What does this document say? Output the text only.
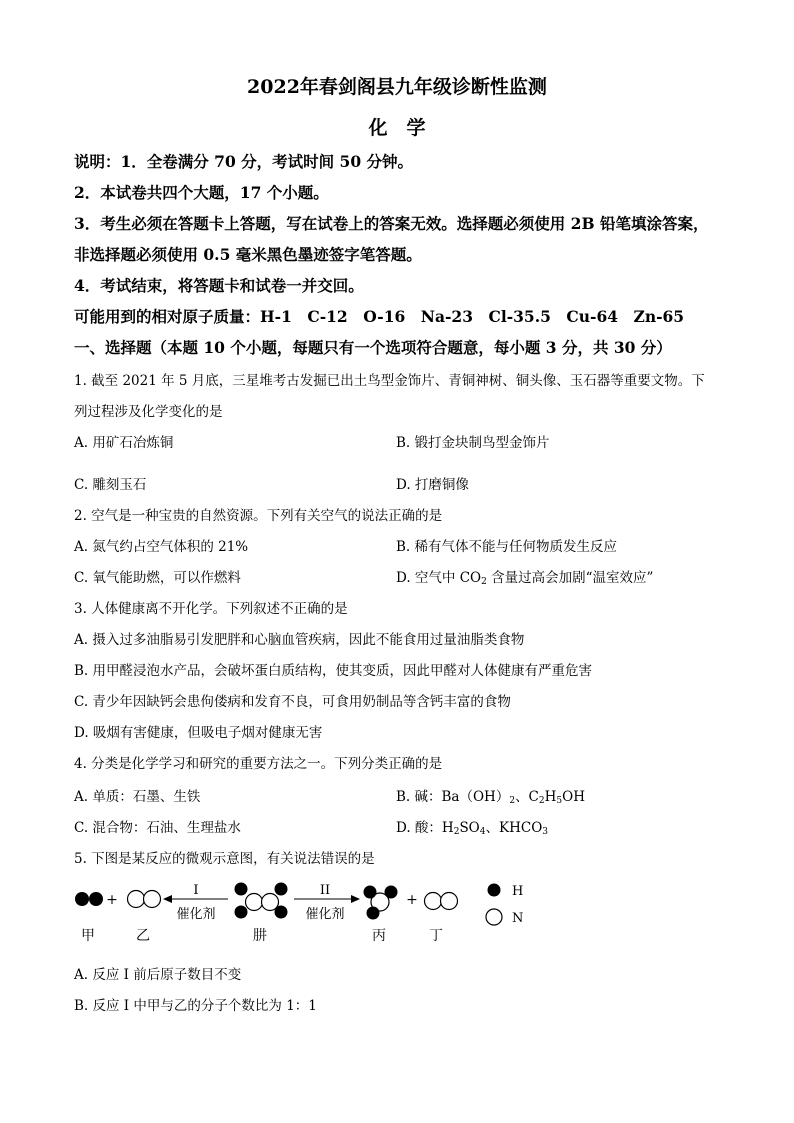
2022年春剑阁县九年级诊断性监测
化　学
说明：1．全卷满分 70 分，考试时间 50 分钟。
2．本试卷共四个大题，17 个小题。
3．考生必须在答题卡上答题，写在试卷上的答案无效。选择题必须使用 2B 铅笔填涂答案，
非选择题必须使用 0.5 毫米黑色墨迹签字笔答题。
4．考试结束，将答题卡和试卷一并交回。
可能用到的相对原子质量：H-1　C-12　O-16　Na-23　Cl-35.5　Cu-64　Zn-65
一、选择题（本题 10 个小题，每题只有一个选项符合题意，每小题 3 分，共 30 分）
1. 截至 2021 年 5 月底，三星堆考古发掘已出土鸟型金饰片、青铜神树、铜头像、玉石器等重要文物。下
列过程涉及化学变化的是
A. 用矿石冶炼铜	B. 锻打金块制鸟型金饰片
C. 雕刻玉石	D. 打磨铜像
2. 空气是一种宝贵的自然资源。下列有关空气的说法正确的是
A. 氮气约占空气体积的 21%	B. 稀有气体不能与任何物质发生反应
C. 氧气能助燃，可以作燃料	D. 空气中 $CO_2$ 含量过高会加剧“温室效应”
3. 人体健康离不开化学。下列叙述不正确的是
A. 摄入过多油脂易引发肥胖和心脑血管疾病，因此不能食用过量油脂类食物
B. 用甲醛浸泡水产品，会破坏蛋白质结构，使其变质，因此甲醛对人体健康有严重危害
C. 青少年因缺钙会患佝偻病和发育不良，可食用奶制品等含钙丰富的食物
D. 吸烟有害健康，但吸电子烟对健康无害
4. 分类是化学学习和研究的重要方法之一。下列分类正确的是
A. 单质：石墨、生铁	B. 碱：$Ba(OH)_2$、$C_2H_5OH$
C. 混合物：石油、生理盐水	D. 酸：$H_2SO_4$、$KHCO_3$
5. 下图是某反应的微观示意图，有关说法错误的是
+
I
催化剂
II
催化剂
+
H
N
甲	乙	肼	丙	丁
A. 反应 I 前后原子数目不变
B. 反应 I 中甲与乙的分子个数比为 1：1
